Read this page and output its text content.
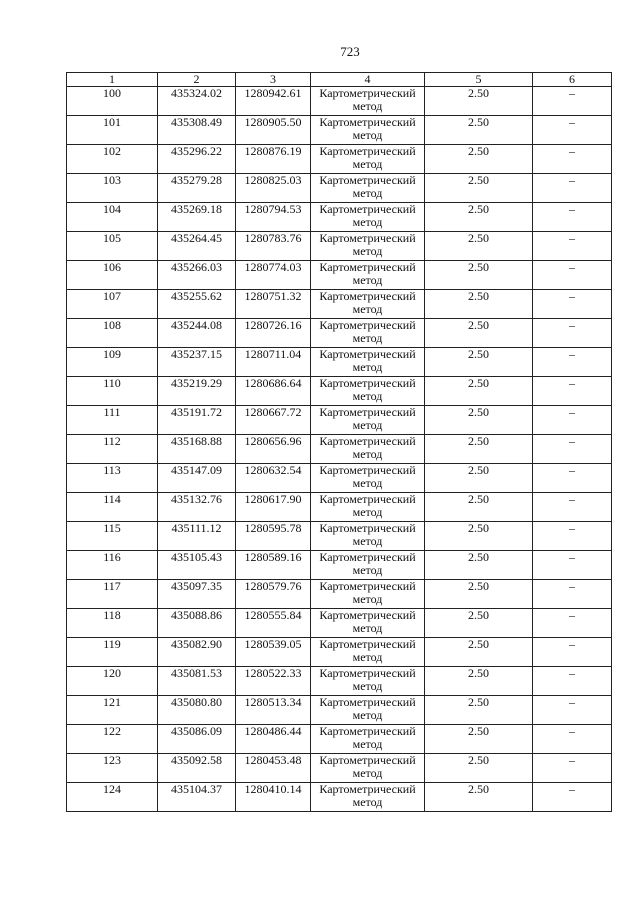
723
1	2	3	4	5	6
100	435324.02	1280942.61	Картометрический метод	2.50	–
101	435308.49	1280905.50	Картометрический метод	2.50	–
102	435296.22	1280876.19	Картометрический метод	2.50	–
103	435279.28	1280825.03	Картометрический метод	2.50	–
104	435269.18	1280794.53	Картометрический метод	2.50	–
105	435264.45	1280783.76	Картометрический метод	2.50	–
106	435266.03	1280774.03	Картометрический метод	2.50	–
107	435255.62	1280751.32	Картометрический метод	2.50	–
108	435244.08	1280726.16	Картометрический метод	2.50	–
109	435237.15	1280711.04	Картометрический метод	2.50	–
110	435219.29	1280686.64	Картометрический метод	2.50	–
111	435191.72	1280667.72	Картометрический метод	2.50	–
112	435168.88	1280656.96	Картометрический метод	2.50	–
113	435147.09	1280632.54	Картометрический метод	2.50	–
114	435132.76	1280617.90	Картометрический метод	2.50	–
115	435111.12	1280595.78	Картометрический метод	2.50	–
116	435105.43	1280589.16	Картометрический метод	2.50	–
117	435097.35	1280579.76	Картометрический метод	2.50	–
118	435088.86	1280555.84	Картометрический метод	2.50	–
119	435082.90	1280539.05	Картометрический метод	2.50	–
120	435081.53	1280522.33	Картометрический метод	2.50	–
121	435080.80	1280513.34	Картометрический метод	2.50	–
122	435086.09	1280486.44	Картометрический метод	2.50	–
123	435092.58	1280453.48	Картометрический метод	2.50	–
124	435104.37	1280410.14	Картометрический метод	2.50	–
